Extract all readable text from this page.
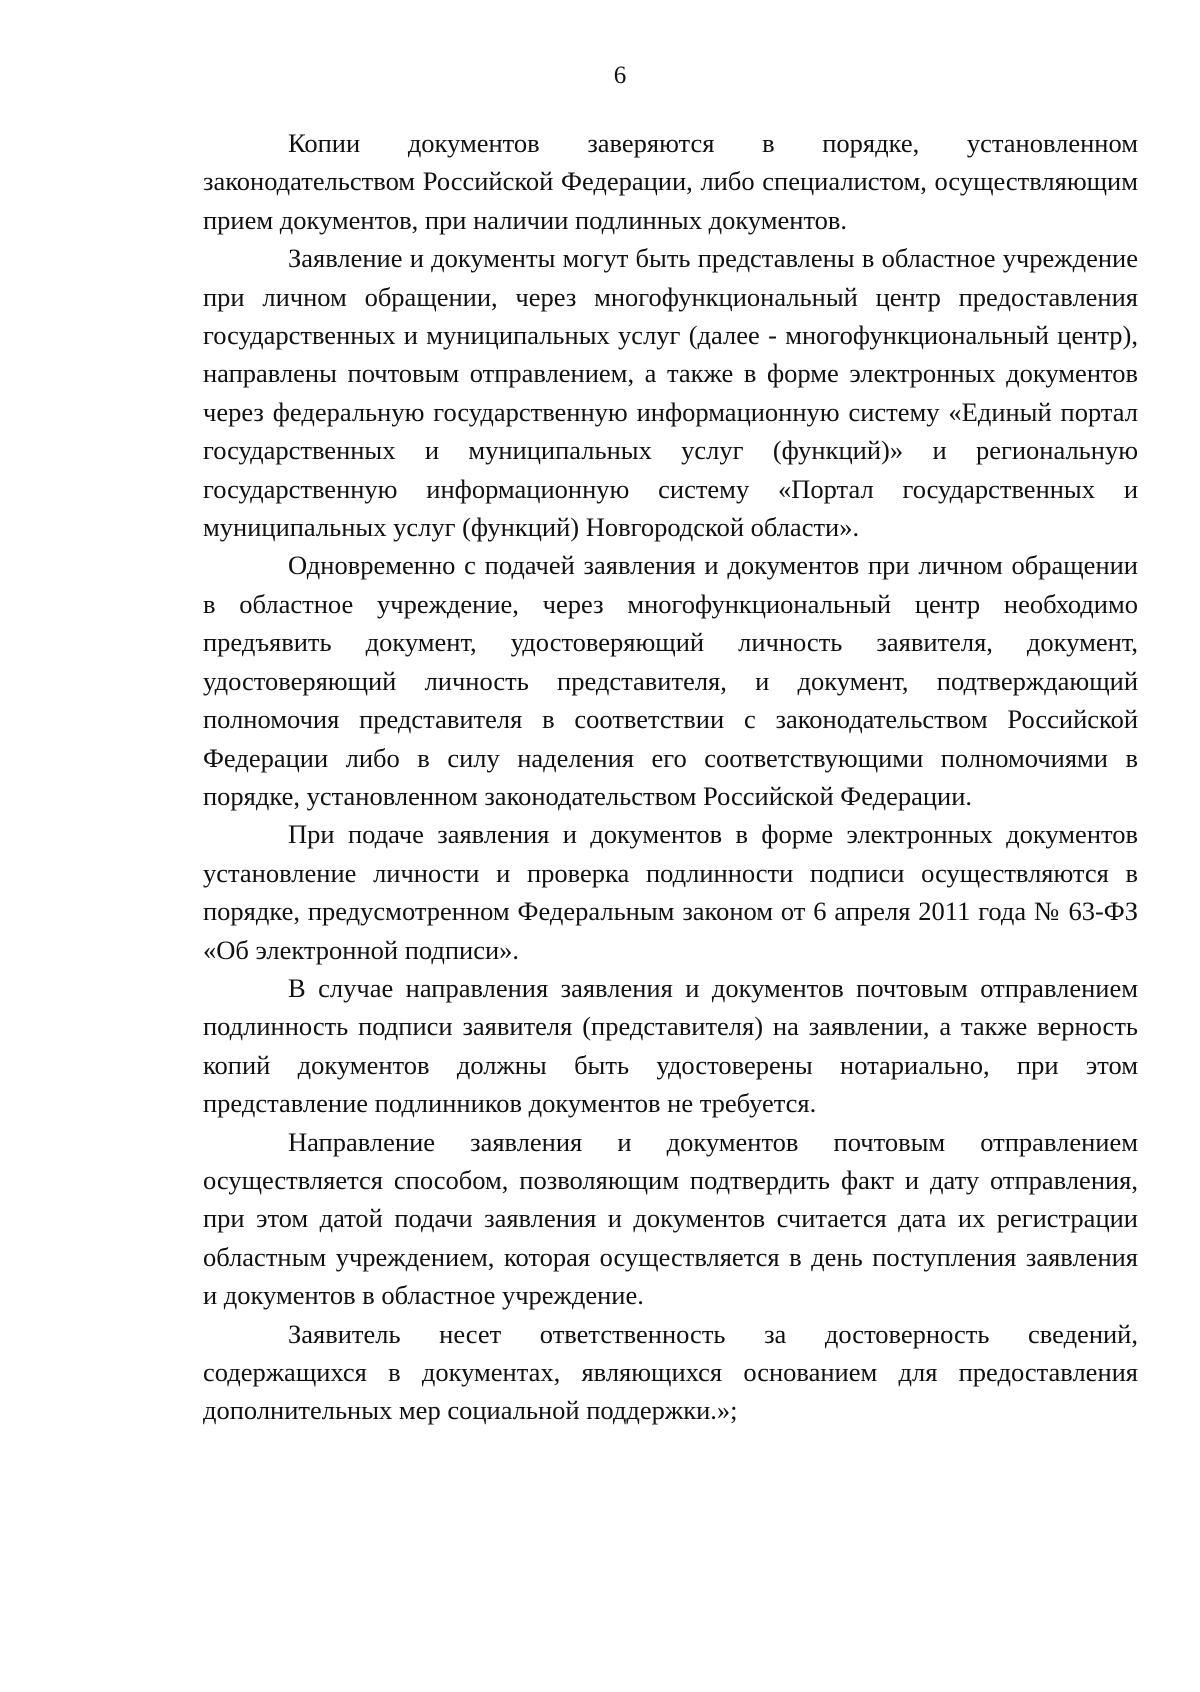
6

Копии документов заверяются в порядке, установленном законодательством Российской Федерации, либо специалистом, осуществляющим прием документов, при наличии подлинных документов.

Заявление и документы могут быть представлены в областное учреждение при личном обращении, через многофункциональный центр предоставления государственных и муниципальных услуг (далее - многофункциональный центр), направлены почтовым отправлением, а также в форме электронных документов через федеральную государственную информационную систему «Единый портал государственных и муниципальных услуг (функций)» и региональную государственную информационную систему «Портал государственных и муниципальных услуг (функций) Новгородской области».

Одновременно с подачей заявления и документов при личном обращении в областное учреждение, через многофункциональный центр необходимо предъявить документ, удостоверяющий личность заявителя, документ, удостоверяющий личность представителя, и документ, подтверждающий полномочия представителя в соответствии с законодательством Российской Федерации либо в силу наделения его соответствующими полномочиями в порядке, установленном законодательством Российской Федерации.

При подаче заявления и документов в форме электронных документов установление личности и проверка подлинности подписи осуществляются в порядке, предусмотренном Федеральным законом от 6 апреля 2011 года № 63-ФЗ «Об электронной подписи».

В случае направления заявления и документов почтовым отправлением подлинность подписи заявителя (представителя) на заявлении, а также верность копий документов должны быть удостоверены нотариально, при этом представление подлинников документов не требуется.

Направление заявления и документов почтовым отправлением осуществляется способом, позволяющим подтвердить факт и дату отправления, при этом датой подачи заявления и документов считается дата их регистрации областным учреждением, которая осуществляется в день поступления заявления и документов в областное учреждение.

Заявитель несет ответственность за достоверность сведений, содержащихся в документах, являющихся основанием для предоставления дополнительных мер социальной поддержки.»;
